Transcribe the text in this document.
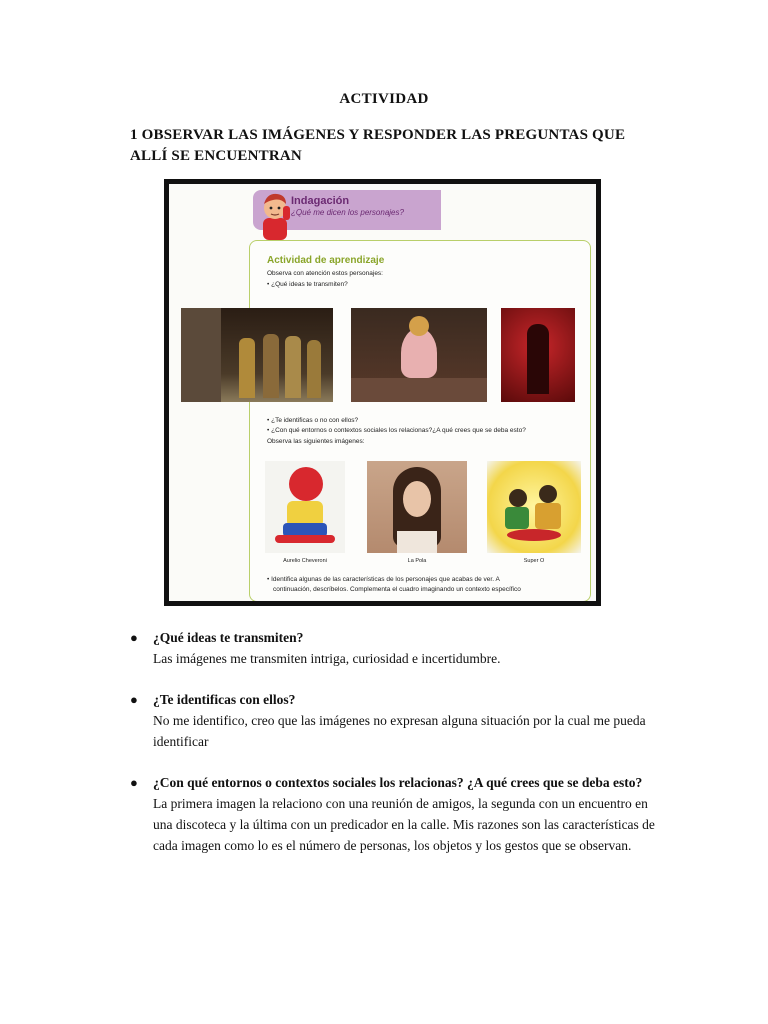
ACTIVIDAD
1 OBSERVAR LAS IMÁGENES Y RESPONDER LAS PREGUNTAS QUE ALLÍ SE ENCUENTRAN
Indagación
¿Qué me dicen los personajes?
Actividad de aprendizaje
Observa con atención estos personajes:
• ¿Qué ideas te transmiten?
• ¿Te identificas o no con ellos?
• ¿Con qué entornos o contextos sociales los relacionas?¿A qué crees que se deba esto?
Observa las siguientes imágenes:
Aurelio Cheveroni	La Pola	Super O
• Identifica algunas de las características de los personajes que acabas de ver. A
continuación, descríbelos. Complementa el cuadro imaginando un contexto específico
● ¿Qué ideas te transmiten?
Las imágenes me transmiten intriga, curiosidad e incertidumbre.
● ¿Te identificas con ellos?
No me identifico, creo que las imágenes no expresan alguna situación por la cual me pueda identificar
● ¿Con qué entornos o contextos sociales los relacionas? ¿A qué crees que se deba esto?
La primera imagen la relaciono con una reunión de amigos, la segunda con un encuentro en una discoteca y la última con un predicador en la calle. Mis razones son las características de cada imagen como lo es el número de personas, los objetos y los gestos que se observan.
